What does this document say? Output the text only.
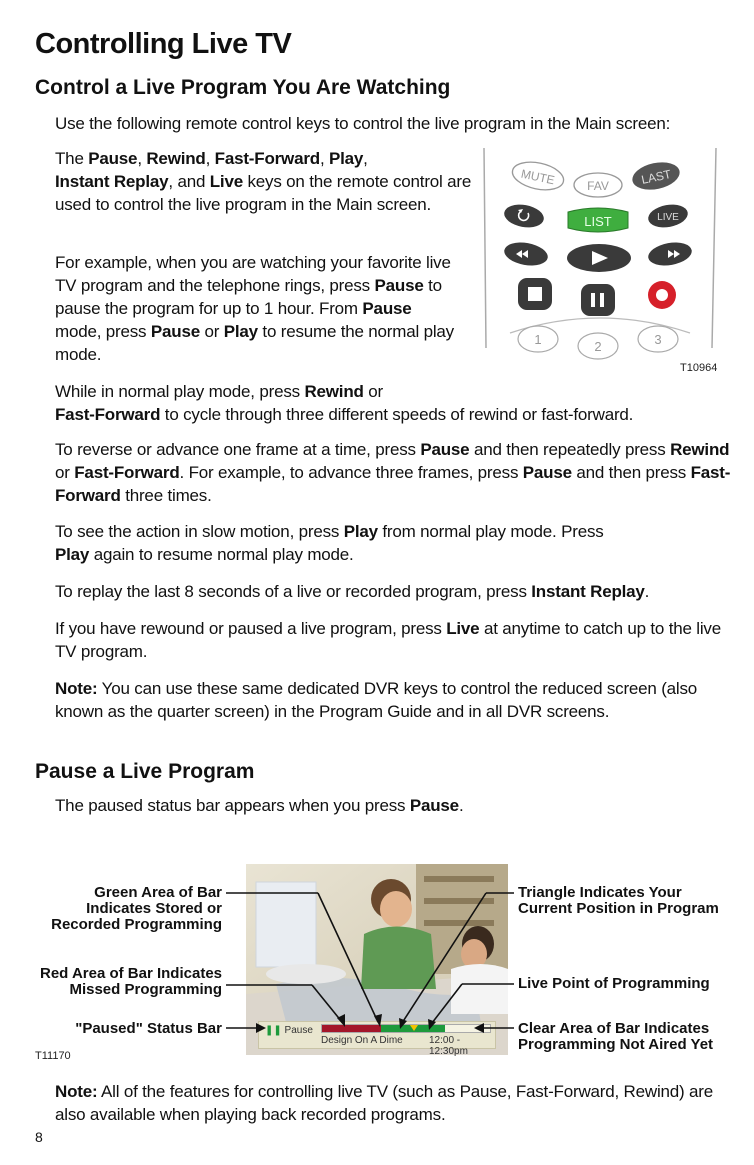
Controlling Live TV
Control a Live Program You Are Watching

Use the following remote control keys to control the live program in the Main screen:

The Pause, Rewind, Fast-Forward, Play,
Instant Replay, and Live keys on the remote control are used to control the live program in the Main screen.

For example, when you are watching your favorite live TV program and the telephone rings, press Pause to pause the program for up to 1 hour. From Pause mode, press Pause or Play to resume the normal play mode.

MUTE	FAV	LAST
LIST	LIVE
1	2	3
T10964

While in normal play mode, press Rewind or
Fast-Forward to cycle through three different speeds of rewind or fast-forward.

To reverse or advance one frame at a time, press Pause and then repeatedly press Rewind or Fast-Forward. For example, to advance three frames, press Pause and then press Fast-Forward three times.

To see the action in slow motion, press Play from normal play mode. Press
Play again to resume normal play mode.

To replay the last 8 seconds of a live or recorded program, press Instant Replay.

If you have rewound or paused a live program, press Live at anytime to catch up to the live TV program.

Note: You can use these same dedicated DVR keys to control the reduced screen (also known as the quarter screen) in the Program Guide and in all DVR screens.

Pause a Live Program

The paused status bar appears when you press Pause.

❚❚ Pause
Design On A Dime	12:00 - 12:30pm
Green Area of Bar
Indicates Stored or
Recorded Programming
Red Area of Bar Indicates
Missed Programming
"Paused" Status Bar
Triangle Indicates Your
Current Position in Program
Live Point of Programming
Clear Area of Bar Indicates
Programming Not Aired Yet
T11170

Note: All of the features for controlling live TV (such as Pause, Fast-Forward, Rewind) are also available when playing back recorded programs.

8
